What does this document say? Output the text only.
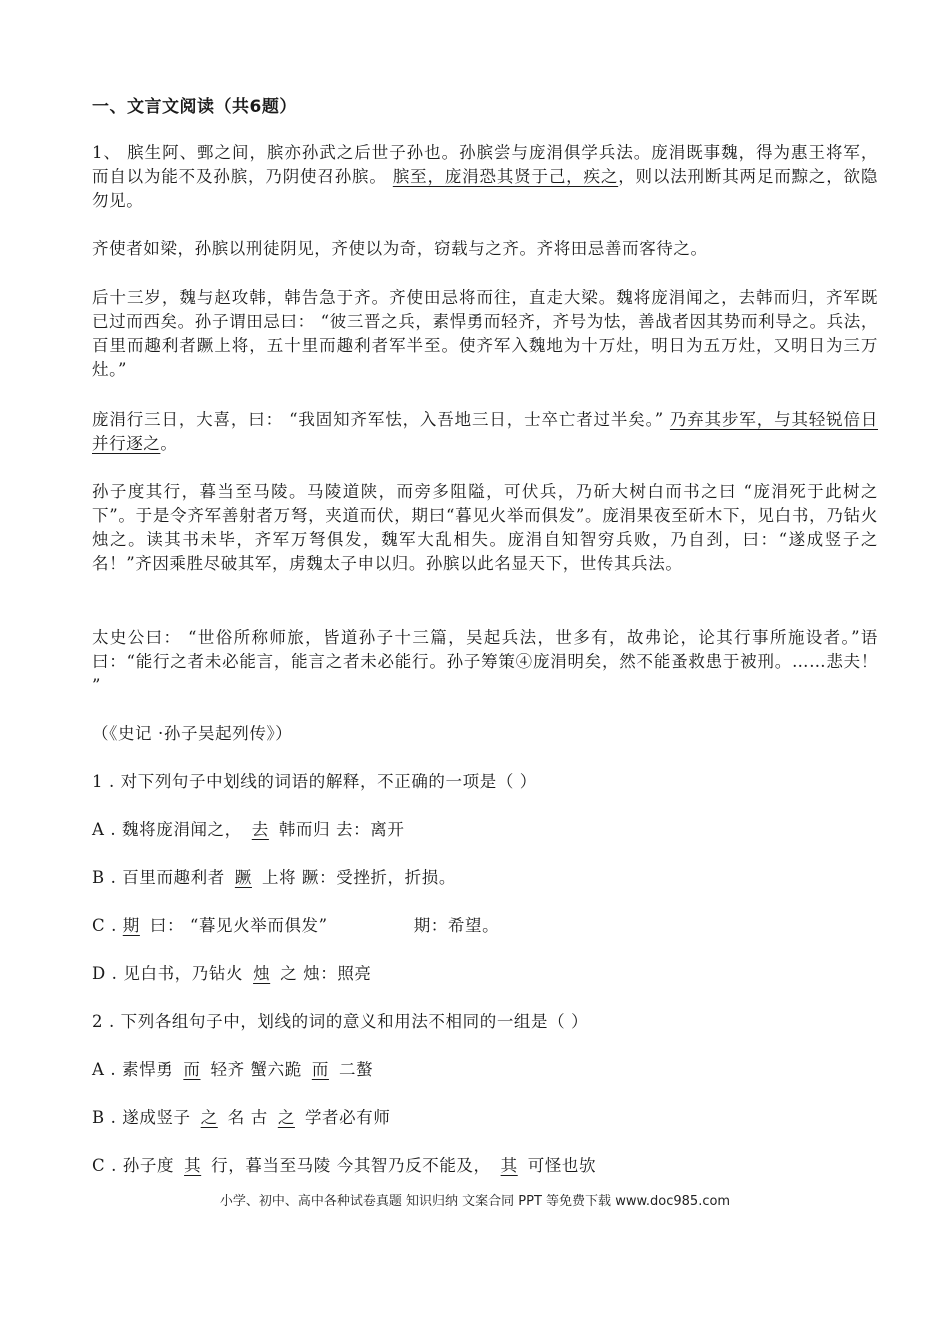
一、文言文阅读（共6题）
1、 膑生阿、鄄之间，膑亦孙武之后世子孙也。孙膑尝与庞涓俱学兵法。庞涓既事魏，得为惠王将军，而自以为能不及孙膑，乃阴使召孙膑。 膑至，庞涓恐其贤于己，疾之，则以法刑断其两足而黥之，欲隐勿见。
齐使者如梁，孙膑以刑徒阴见，齐使以为奇，窃载与之齐。齐将田忌善而客待之。
后十三岁，魏与赵攻韩，韩告急于齐。齐使田忌将而往，直走大梁。魏将庞涓闻之，去韩而归，齐军既已过而西矣。孙子谓田忌曰： “彼三晋之兵，素悍勇而轻齐，齐号为怯，善战者因其势而利导之。兵法，百里而趣利者蹶上将，五十里而趣利者军半至。使齐军入魏地为十万灶，明日为五万灶，又明日为三万灶。”
庞涓行三日，大喜，曰： “我固知齐军怯，入吾地三日，士卒亡者过半矣。” 乃弃其步军，与其轻锐倍日并行逐之。
孙子度其行，暮当至马陵。马陵道陕，而旁多阻隘，可伏兵，乃斫大树白而书之曰 “庞涓死于此树之下”。于是令齐军善射者万弩，夹道而伏，期曰“暮见火举而俱发”。庞涓果夜至斫木下，见白书，乃钻火烛之。读其书未毕，齐军万弩俱发，魏军大乱相失。庞涓自知智穷兵败，乃自刭，曰：“遂成竖子之名！”齐因乘胜尽破其军，虏魏太子申以归。孙膑以此名显天下，世传其兵法。
太史公曰： “世俗所称师旅，皆道孙子十三篇，吴起兵法，世多有，故弗论，论其行事所施设者。”语曰：“能行之者未必能言，能言之者未必能行。孙子筹策④庞涓明矣，然不能蚤救患于被刑。……悲夫！ ”
（《史记 ·孙子吴起列传》）
1 . 对下列句子中划线的词语的解释，不正确的一项是（ ）
A . 魏将庞涓闻之， 去 韩而归 去：离开
B . 百里而趣利者 蹶 上将 蹶：受挫折，折损。
C . 期 曰： “暮见火举而俱发”	期：希望。
D . 见白书，乃钻火 烛 之 烛：照亮
2 . 下列各组句子中，划线的词的意义和用法不相同的一组是（ ）
A . 素悍勇 而 轻齐 蟹六跪 而 二螯
B . 遂成竖子 之 名 古 之 学者必有师
C . 孙子度 其 行，暮当至马陵 今其智乃反不能及， 其 可怪也欤
小学、初中、高中各种试卷真题 知识归纳 文案合同 PPT 等免费下载 www.doc985.com
